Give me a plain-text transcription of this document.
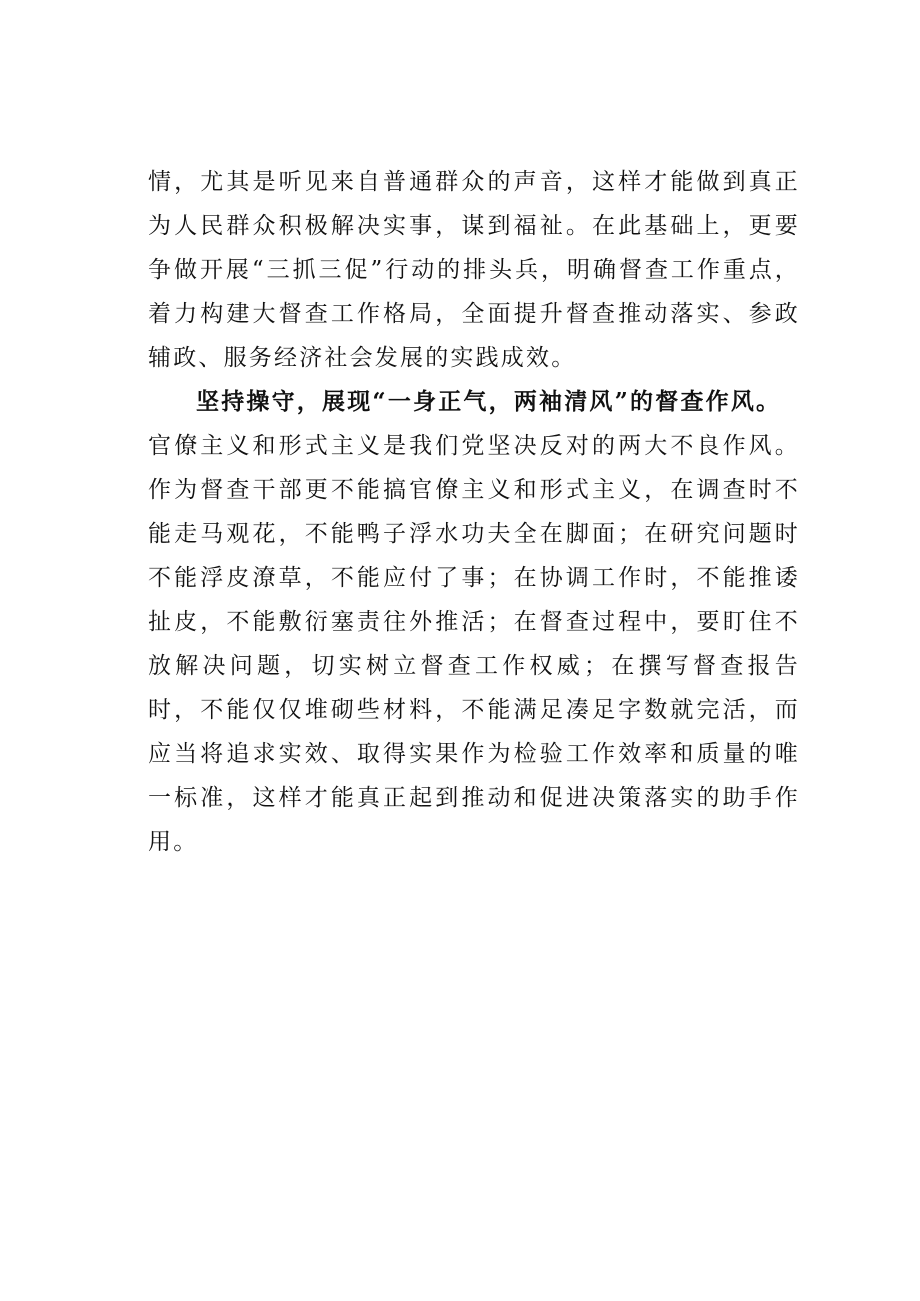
情，尤其是听见来自普通群众的声音，这样才能做到真正为人民群众积极解决实事，谋到福祉。在此基础上，更要争做开展“三抓三促”行动的排头兵，明确督查工作重点，着力构建大督查工作格局，全面提升督查推动落实、参政辅政、服务经济社会发展的实践成效。

坚持操守，展现“一身正气，两袖清风”的督查作风。

官僚主义和形式主义是我们党坚决反对的两大不良作风。作为督查干部更不能搞官僚主义和形式主义，在调查时不能走马观花，不能鸭子浮水功夫全在脚面；在研究问题时不能浮皮潦草，不能应付了事；在协调工作时，不能推诿扯皮，不能敷衍塞责往外推活；在督查过程中，要盯住不放解决问题，切实树立督查工作权威；在撰写督查报告时，不能仅仅堆砌些材料，不能满足凑足字数就完活，而应当将追求实效、取得实果作为检验工作效率和质量的唯一标准，这样才能真正起到推动和促进决策落实的助手作用。
